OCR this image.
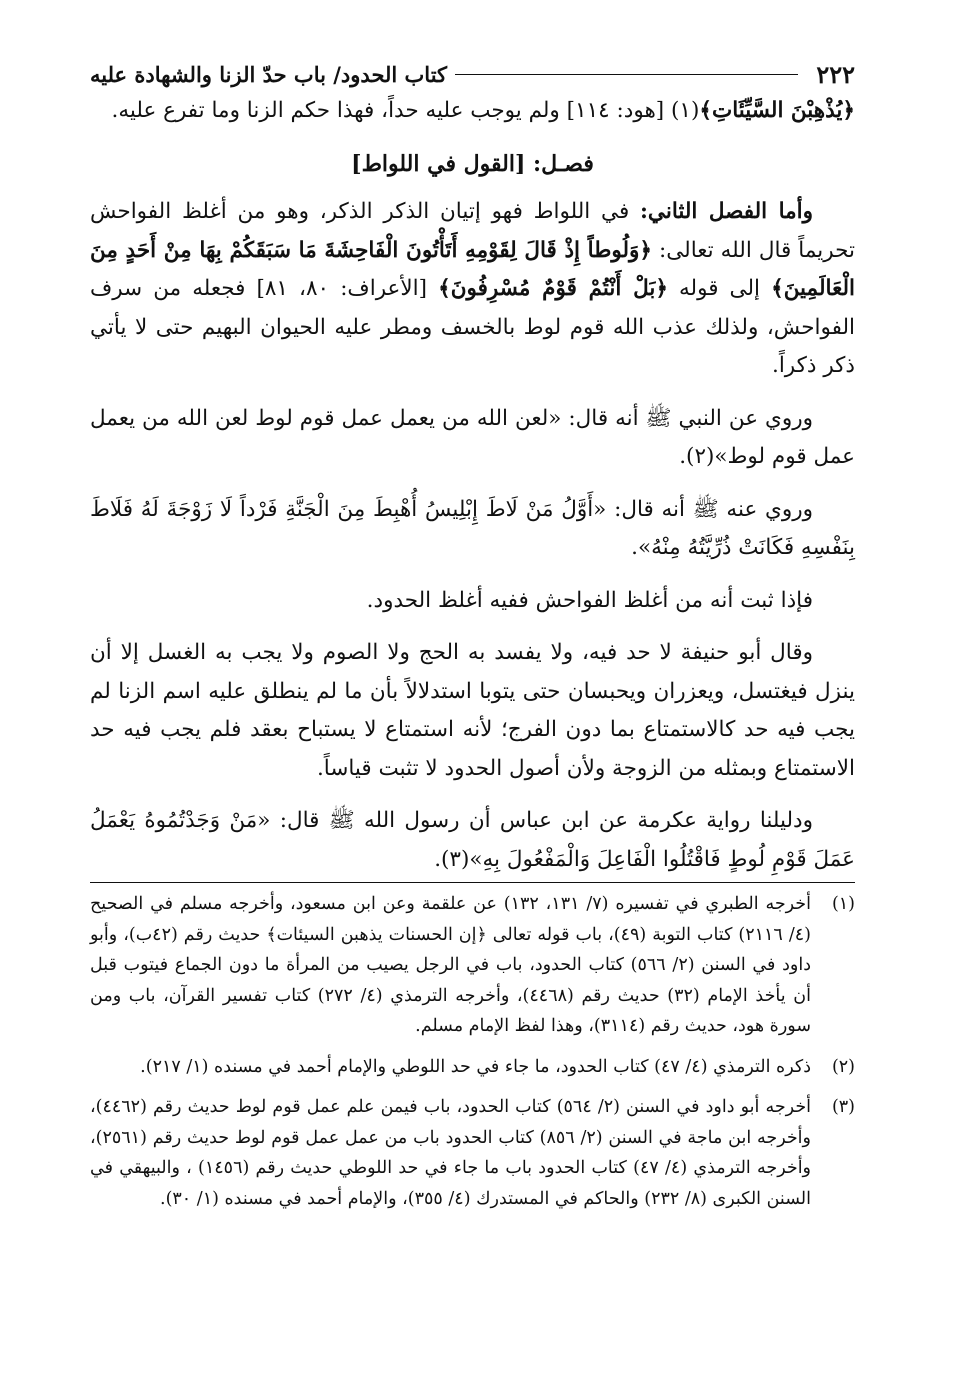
٢٢٢
كتاب الحدود/ باب حدّ الزنا والشهادة عليه

﴿يُذْهِبْنَ السَّيِّئَاتِ﴾(١) [هود: ١١٤] ولم يوجب عليه حداً، فهذا حكم الزنا وما تفرع عليه.

فصـل: [القول في اللواط]

وأما الفصل الثاني: في اللواط فهو إتيان الذكر الذكر، وهو من أغلظ الفواحش تحريماً قال الله تعالى: ﴿وَلُوطاً إِذْ قَالَ لِقَوْمِهِ أَتَأْتُونَ الْفَاحِشَةَ مَا سَبَقَكُمْ بِهَا مِنْ أَحَدٍ مِنَ الْعَالَمِينَ﴾ إلى قوله ﴿بَلْ أَنْتُمْ قَوْمٌ مُسْرِفُونَ﴾ [الأعراف: ٨٠، ٨١] فجعله من سرف الفواحش، ولذلك عذب الله قوم لوط بالخسف ومطر عليه الحيوان البهيم حتى لا يأتي ذكر ذكراً.

وروي عن النبي ﷺ أنه قال: «لعن الله من يعمل عمل قوم لوط لعن الله من يعمل عمل قوم لوط»(٢).

وروي عنه ﷺ أنه قال: «أَوَّلُ مَنْ لَاطَ إِبْلِيسُ أُهْبِطَ مِنَ الْجَنَّةِ فَرْداً لَا زَوْجَةَ لَهُ فَلَاطَ بِنَفْسِهِ فَكَانَتْ ذُرِّيَّتُهُ مِنْهُ».

فإذا ثبت أنه من أغلظ الفواحش ففيه أغلظ الحدود.

وقال أبو حنيفة لا حد فيه، ولا يفسد به الحج ولا الصوم ولا يجب به الغسل إلا أن ينزل فيغتسل، ويعزران ويحبسان حتى يتوبا استدلالاً بأن ما لم ينطلق عليه اسم الزنا لم يجب فيه حد كالاستمتاع بما دون الفرج؛ لأنه استمتاع لا يستباح بعقد فلم يجب فيه حد الاستمتاع وبمثله من الزوجة ولأن أصول الحدود لا تثبت قياساً.

ودليلنا رواية عكرمة عن ابن عباس أن رسول الله ﷺ قال: «مَنْ وَجَدْتُمُوهُ يَعْمَلُ عَمَلَ قَوْمِ لُوطٍ فَاقْتُلُوا الْفَاعِلَ وَالْمَفْعُولَ بِهِ»(٣).

(١)
أخرجه الطبري في تفسيره (٧/ ١٣١، ١٣٢) عن علقمة وعن ابن مسعود، وأخرجه مسلم في الصحيح (٤/ ٢١١٦) كتاب التوبة (٤٩)، باب قوله تعالى ﴿إن الحسنات يذهبن السيئات﴾ حديث رقم (٤٢ب)، وأبو داود في السنن (٢/ ٥٦٦) كتاب الحدود، باب في الرجل يصيب من المرأة ما دون الجماع فيتوب قبل أن يأخذ الإمام (٣٢) حديث رقم (٤٤٦٨)، وأخرجه الترمذي (٤/ ٢٧٢) كتاب تفسير القرآن، باب ومن سورة هود، حديث رقم (٣١١٤)، وهذا لفظ الإمام مسلم.
(٢)
ذكره الترمذي (٤/ ٤٧) كتاب الحدود، ما جاء في حد اللوطي والإمام أحمد في مسنده (١/ ٢١٧).
(٣)
أخرجه أبو داود في السنن (٢/ ٥٦٤) كتاب الحدود، باب فيمن علم عمل قوم لوط حديث رقم (٤٤٦٢)، وأخرجه ابن ماجة في السنن (٢/ ٨٥٦) كتاب الحدود باب من عمل عمل قوم لوط حديث رقم (٢٥٦١)، وأخرجه الترمذي (٤/ ٤٧) كتاب الحدود باب ما جاء في حد اللوطي حديث رقم (١٤٥٦) ، والبيهقي في السنن الكبرى (٨/ ٢٣٢) والحاكم في المستدرك (٤/ ٣٥٥)، والإمام أحمد في مسنده (١/ ٣٠).
